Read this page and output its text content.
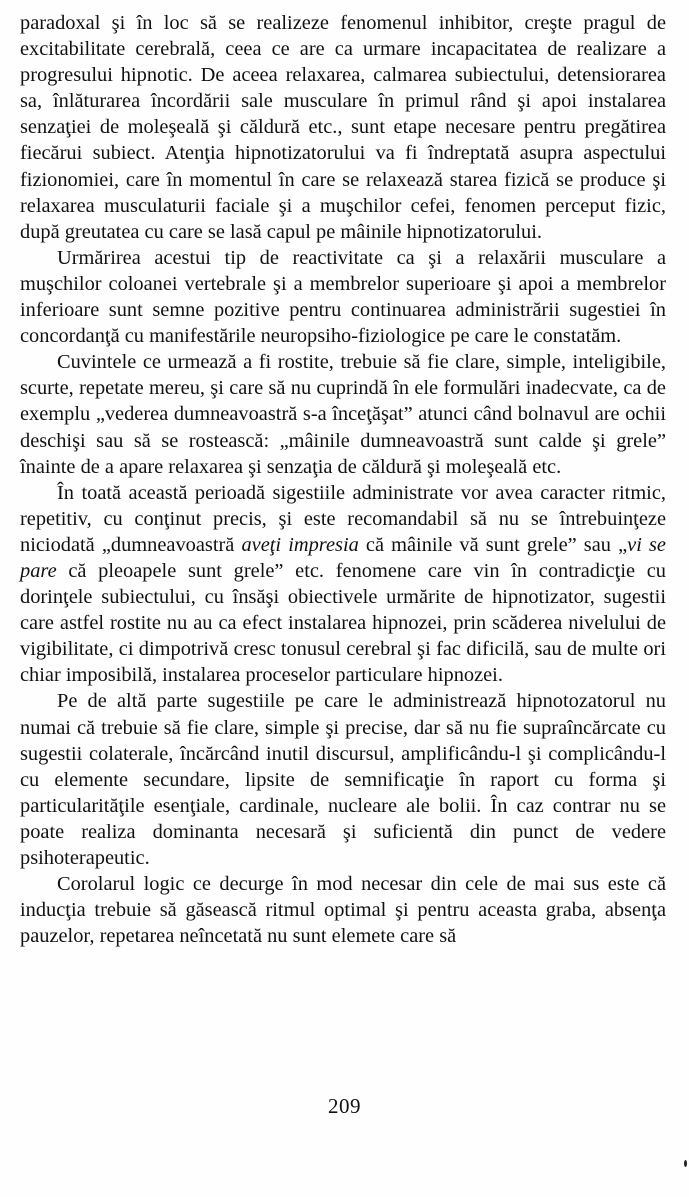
paradoxal şi în loc să se realizeze fenomenul inhibitor, creşte pragul de excitabilitate cerebrală, ceea ce are ca urmare incapacitatea de realizare a progresului hipnotic. De aceea relaxarea, calmarea subiectului, detensiorarea sa, înlăturarea încordării sale musculare în primul rând şi apoi instalarea senzaţiei de moleşeală şi căldură etc., sunt etape necesare pentru pregătirea fiecărui subiect. Atenţia hipnotizatorului va fi îndreptată asupra aspectului fizionomiei, care în momentul în care se relaxează starea fizică se produce şi relaxarea musculaturii faciale şi a muşchilor cefei, fenomen perceput fizic, după greutatea cu care se lasă capul pe mâinile hipnotizatorului.

Urmărirea acestui tip de reactivitate ca şi a relaxării musculare a muşchilor coloanei vertebrale şi a membrelor superioare şi apoi a membrelor inferioare sunt semne pozitive pentru continuarea administrării sugestiei în concordanţă cu manifestările neuropsiho-fiziologice pe care le constatăm.

Cuvintele ce urmează a fi rostite, trebuie să fie clare, simple, inteligibile, scurte, repetate mereu, şi care să nu cuprindă în ele formulări inadecvate, ca de exemplu „vederea dumneavoastră s-a înceţăşat” atunci când bolnavul are ochii deschişi sau să se rostească: „mâinile dumneavoastră sunt calde şi grele” înainte de a apare relaxarea şi senzaţia de căldură şi moleşeală etc.

În toată această perioadă sigestiile administrate vor avea caracter ritmic, repetitiv, cu conţinut precis, şi este recomandabil să nu se întrebuinţeze niciodată „dumneavoastră aveţi impresia că mâinile vă sunt grele” sau „vi se pare că pleoapele sunt grele” etc. fenomene care vin în contradicţie cu dorinţele subiectului, cu însăşi obiectivele urmărite de hipnotizator, sugestii care astfel rostite nu au ca efect instalarea hipnozei, prin scăderea nivelului de vigibilitate, ci dimpotrivă cresc tonusul cerebral şi fac dificilă, sau de multe ori chiar imposibilă, instalarea proceselor particulare hipnozei.

Pe de altă parte sugestiile pe care le administrează hipnotozatorul nu numai că trebuie să fie clare, simple şi precise, dar să nu fie supraîncărcate cu sugestii colaterale, încărcând inutil discursul, amplificându-l şi complicându-l cu elemente secundare, lipsite de semnificaţie în raport cu forma şi particularităţile esenţiale, cardinale, nucleare ale bolii. În caz contrar nu se poate realiza dominanta necesară şi suficientă din punct de vedere psihoterapeutic.

Corolarul logic ce decurge în mod necesar din cele de mai sus este că inducţia trebuie să găsească ritmul optimal şi pentru aceasta graba, absenţa pauzelor, repetarea neîncetată nu sunt elemete care să

209
